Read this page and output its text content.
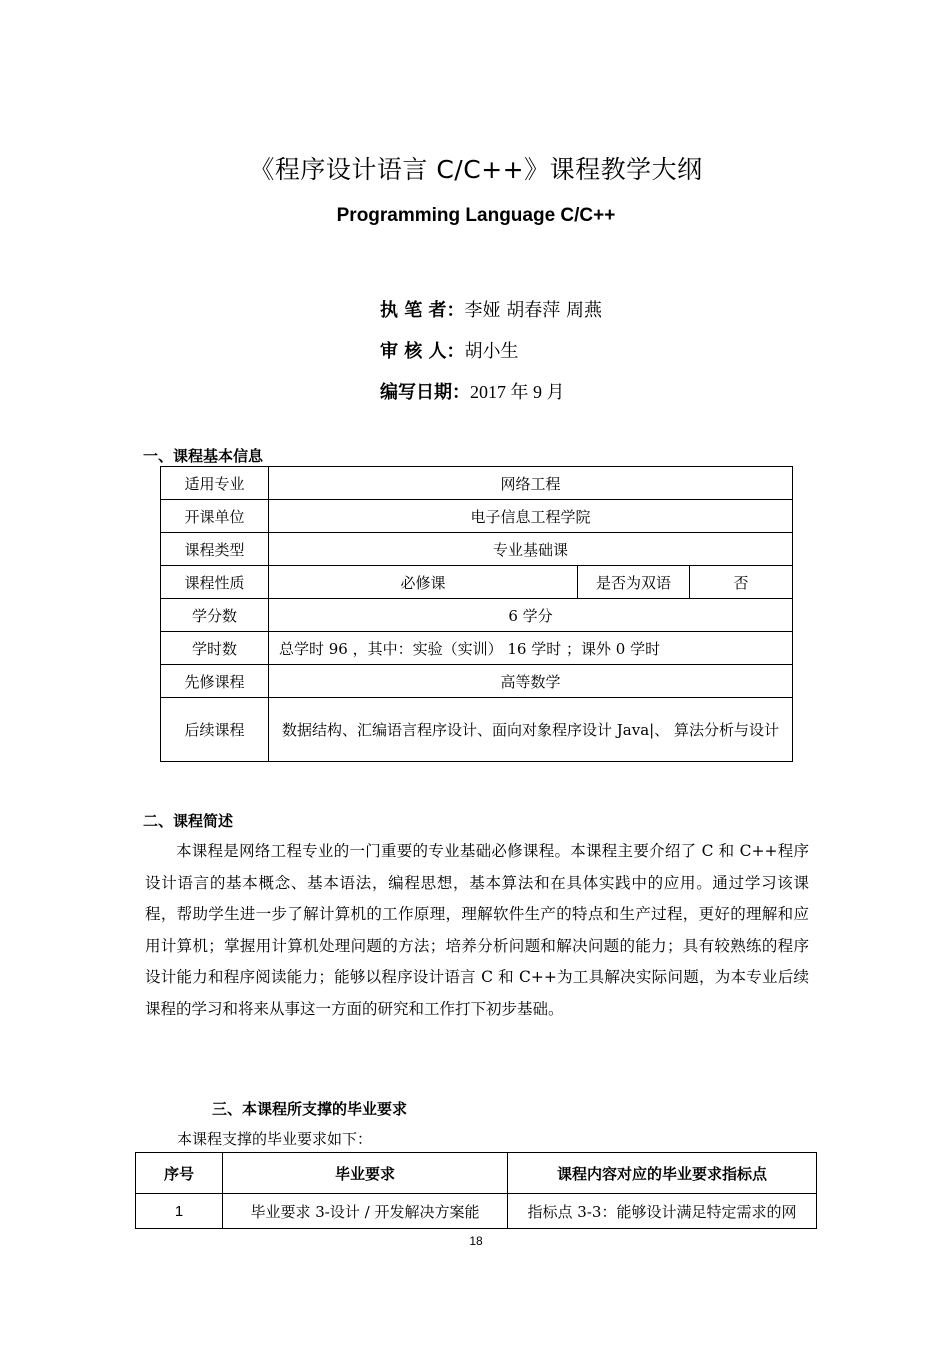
《程序设计语言 C/C++》课程教学大纲
Programming Language C/C++
执 笔 者：李娅 胡春萍 周燕
审 核 人：胡小生
编写日期：2017 年 9 月
一、课程基本信息
适用专业	网络工程		
开课单位	电子信息工程学院		
课程类型	专业基础课		
课程性质	必修课	是否为双语	否
学分数	6 学分		
学时数	总学时 96 ，其中：实验（实训） 16 学时 ；课外 0 学时		
先修课程	高等数学		
后续课程	数据结构、汇编语言程序设计、面向对象程序设计 Java|、 算法分析与设计		
二、课程简述
本课程是网络工程专业的一门重要的专业基础必修课程。本课程主要介绍了 C 和 C++程序设计语言的基本概念、基本语法，编程思想，基本算法和在具体实践中的应用。通过学习该课程，帮助学生进一步了解计算机的工作原理，理解软件生产的特点和生产过程，更好的理解和应用计算机；掌握用计算机处理问题的方法；培养分析问题和解决问题的能力；具有较熟练的程序设计能力和程序阅读能力；能够以程序设计语言 C 和 C++为工具解决实际问题，为本专业后续课程的学习和将来从事这一方面的研究和工作打下初步基础。
三、本课程所支撑的毕业要求
本课程支撑的毕业要求如下：
序号	毕业要求	课程内容对应的毕业要求指标点
1	毕业要求 3-设计 / 开发解决方案能	指标点 3-3：能够设计满足特定需求的网
18
